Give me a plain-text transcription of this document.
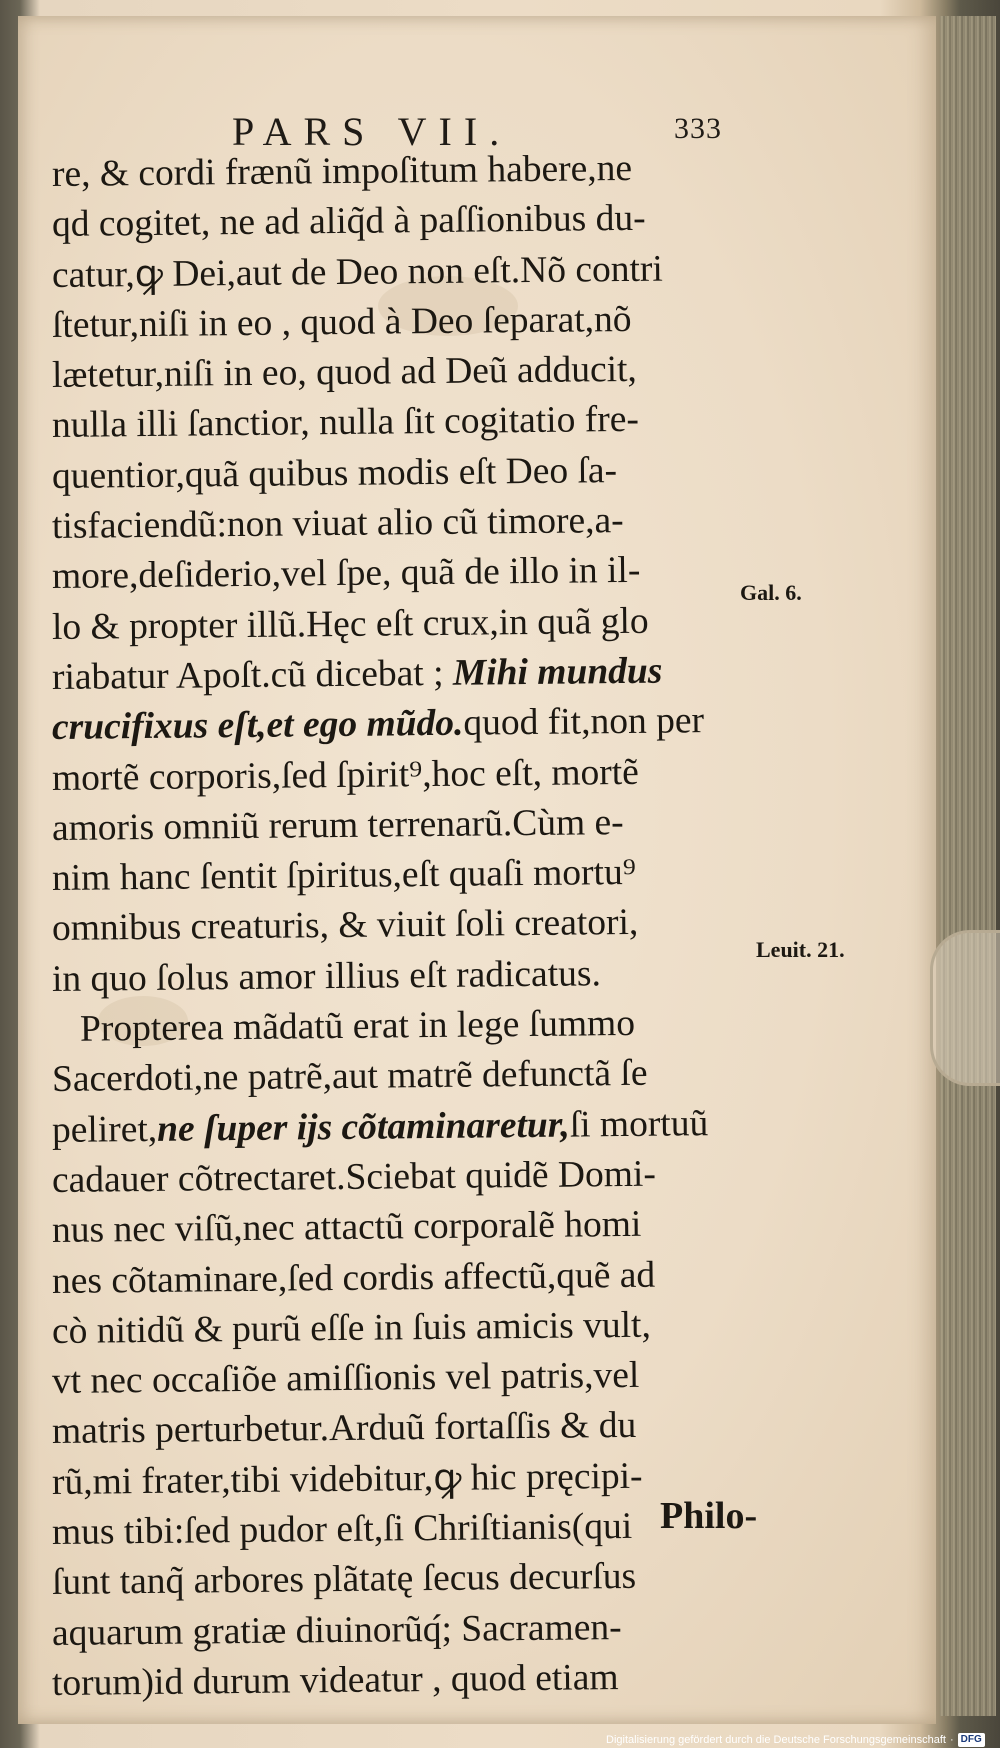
PARS VII.	333
re, & cordi frænũ impoſitum habere,ne
qd cogitet, ne ad aliq̃d à paſſionibus du-
catur,ꝙ Dei,aut de Deo non eſt.Nõ contri
ſtetur,niſi in eo , quod à Deo ſeparat,nõ
lætetur,niſi in eo, quod ad Deũ adducit,
nulla illi ſanctior, nulla ſit cogitatio fre-
quentior,quã quibus modis eſt Deo ſa-
tisfaciendũ:non viuat alio cũ timore,a-
more,deſiderio,vel ſpe, quã de illo in il-
lo & propter illũ.Hęc eſt crux,in quã glo
riabatur Apoſt.cũ dicebat ; Mihi mundus
crucifixus eſt,et ego mũdo.quod fit,non per
mortẽ corporis,ſed ſpirit⁹,hoc eſt, mortẽ
amoris omniũ rerum terrenarũ.Cùm e-
nim hanc ſentit ſpiritus,eſt quaſi mortu⁹
omnibus creaturis, & viuit ſoli creatori,
in quo ſolus amor illius eſt radicatus.
Propterea mãdatũ erat in lege ſummo
Sacerdoti,ne patrẽ,aut matrẽ defunctã ſe
peliret,ne ſuper ijs cõtaminaretur,ſi mortuũ
cadauer cõtrectaret.Sciebat quidẽ Domi-
nus nec viſũ,nec attactũ corporalẽ homi
nes cõtaminare,ſed cordis affectũ,quẽ ad
cò nitidũ & purũ eſſe in ſuis amicis vult,
vt nec occaſiõe amiſſionis vel patris,vel
matris perturbetur.Arduũ fortaſſis & du
rũ,mi frater,tibi videbitur,ꝙ hic pręcipi-
mus tibi:ſed pudor eſt,ſi Chriſtianis(qui
ſunt tanq̃ arbores plãtatę ſecus decurſus
aquarum gratiæ diuinorũq́; Sacramen-
torum)id durum videatur , quod etiam
Gal. 6.
Leuit. 21.
Philo-
Digitalisierung gefördert durch die Deutsche Forschungsgemeinschaft · DFG
